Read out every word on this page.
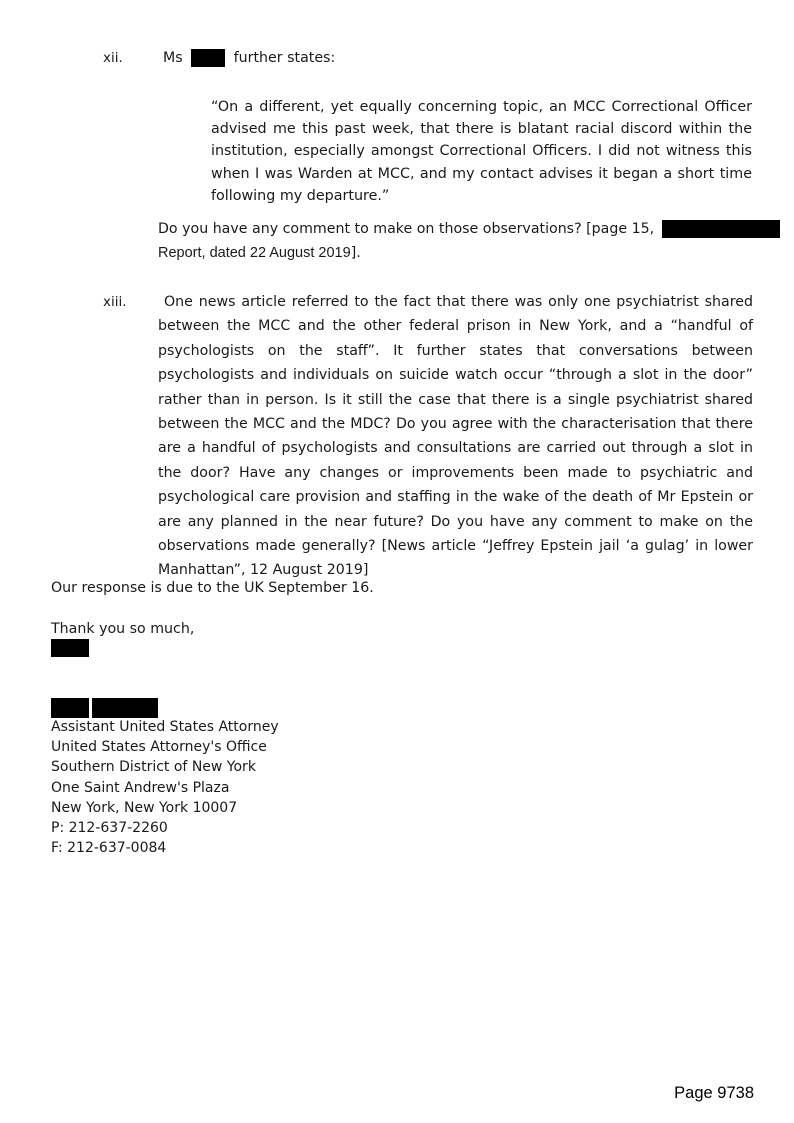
xii.	Ms	further states:

“On a different, yet equally concerning topic, an MCC Correctional Officer advised me this past week, that there is blatant racial discord within the institution, especially amongst Correctional Officers. I did not witness this when I was Warden at MCC, and my contact advises it began a short time following my departure.”

Do you have any comment to make on those observations? [page 15,
Report, dated 22 August 2019].
xiii.	One news article referred to the fact that there was only one psychiatrist shared between the MCC and the other federal prison in New York, and a “handful of psychologists on the staff”. It further states that conversations between psychologists and individuals on suicide watch occur “through a slot in the door” rather than in person. Is it still the case that there is a single psychiatrist shared between the MCC and the MDC? Do you agree with the characterisation that there are a handful of psychologists and consultations are carried out through a slot in the door? Have any changes or improvements been made to psychiatric and psychological care provision and staffing in the wake of the death of Mr Epstein or are any planned in the near future? Do you have any comment to make on the observations made generally? [News article “Jeffrey Epstein jail ‘a gulag’ in lower Manhattan”, 12 August 2019]

Our response is due to the UK September 16.
Thank you so much,
Assistant United States Attorney
United States Attorney's Office
Southern District of New York
One Saint Andrew's Plaza
New York, New York 10007
P: 212-637-2260
F: 212-637-0084
Page 9738
